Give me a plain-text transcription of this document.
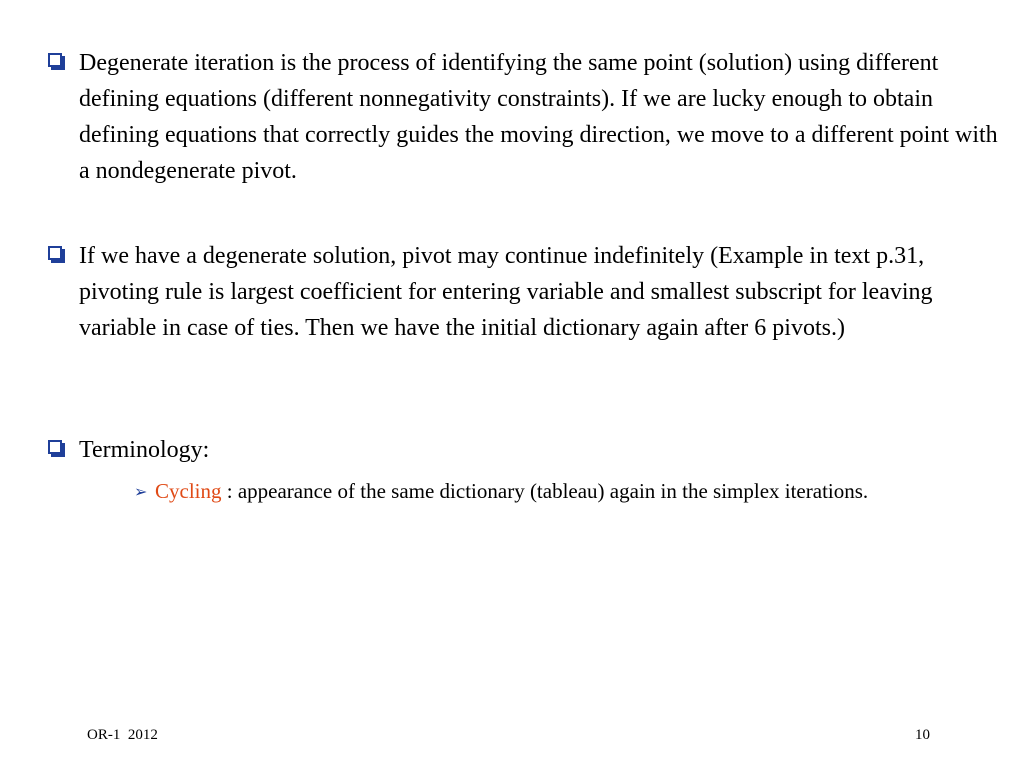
Degenerate iteration is the process of identifying the same point (solution) using different defining equations (different nonnegativity constraints). If we are lucky enough to obtain defining equations that correctly guides the moving direction, we move to a different point with a nondegenerate pivot.
If we have a degenerate solution, pivot may continue indefinitely (Example in text p.31, pivoting rule is largest coefficient for entering variable and smallest subscript for leaving variable in case of ties. Then we have the initial dictionary again after 6 pivots.)
Terminology:
➢ Cycling : appearance of the same dictionary (tableau) again in the simplex iterations.
OR-1  2012	10
